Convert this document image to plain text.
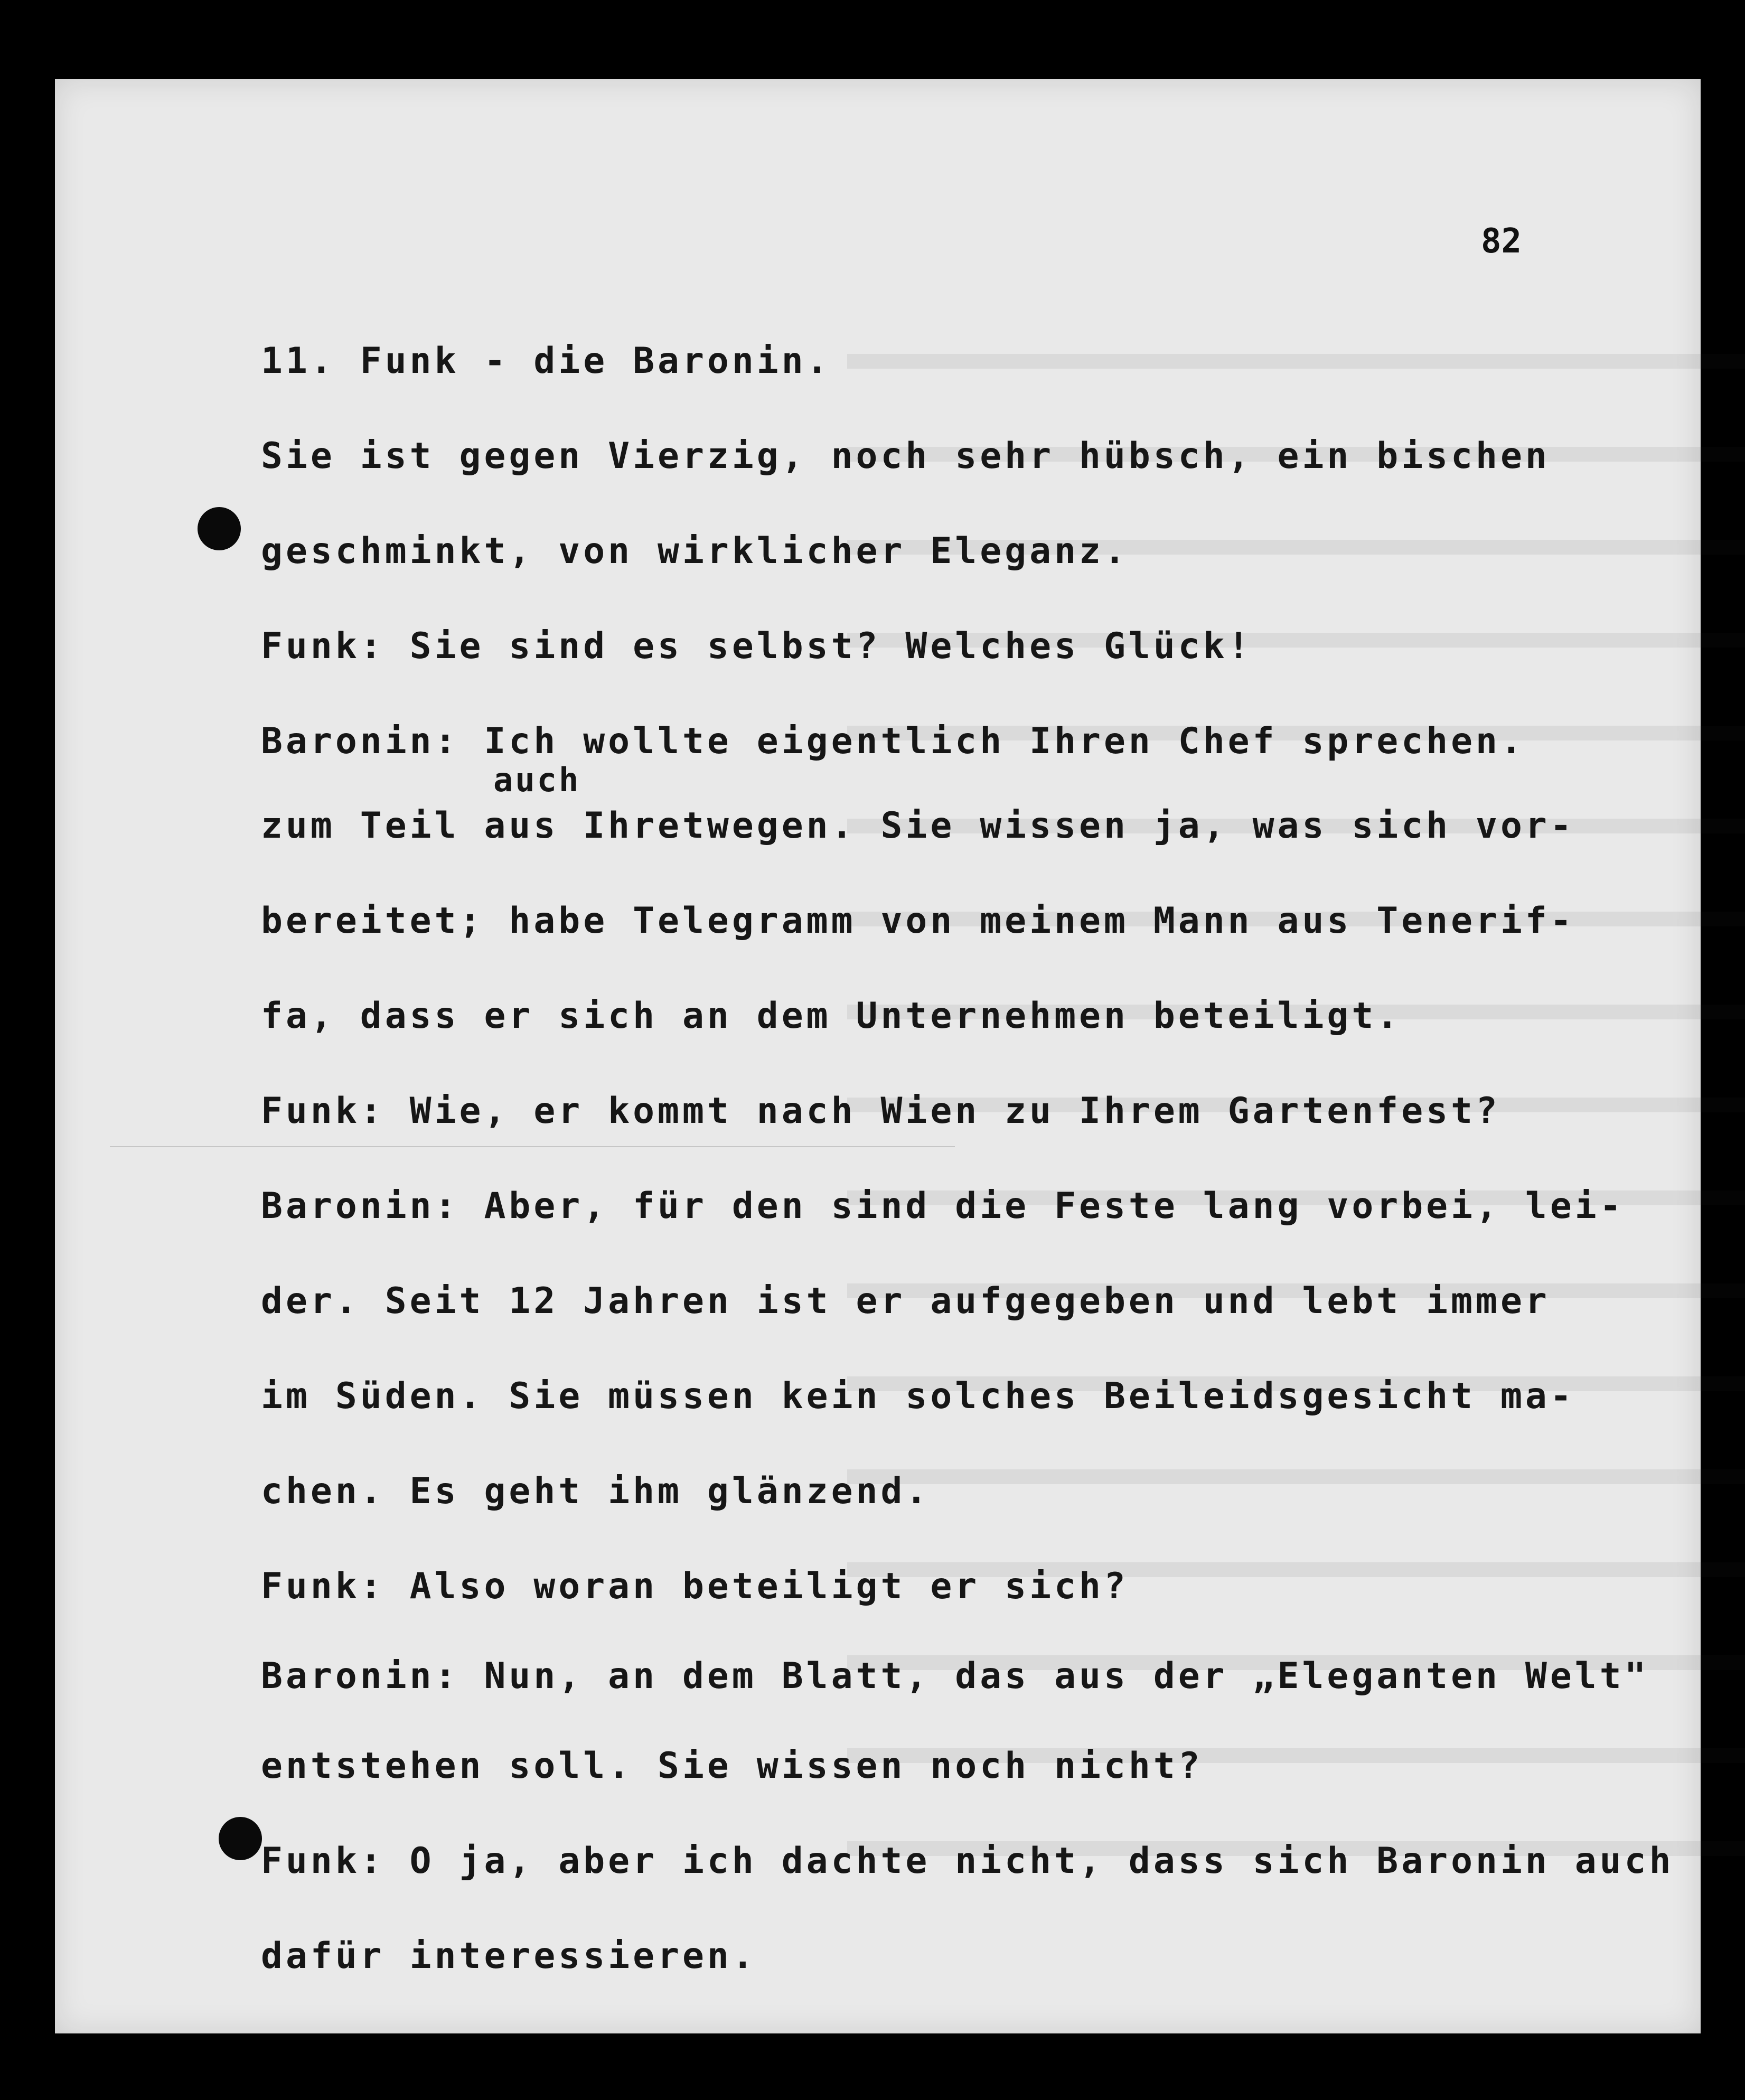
82
auch
11. Funk - die Baronin.
Sie ist gegen Vierzig, noch sehr hübsch, ein bischen
geschminkt, von wirklicher Eleganz.
Funk: Sie sind es selbst? Welches Glück!
Baronin: Ich wollte eigentlich Ihren Chef sprechen.
zum Teil aus Ihretwegen. Sie wissen ja, was sich vor-
bereitet; habe Telegramm von meinem Mann aus Tenerif-
fa, dass er sich an dem Unternehmen beteiligt.
Funk: Wie, er kommt nach Wien zu Ihrem Gartenfest?
Baronin: Aber, für den sind die Feste lang vorbei, lei-
der. Seit 12 Jahren ist er aufgegeben und lebt immer
im Süden. Sie müssen kein solches Beileidsgesicht ma-
chen. Es geht ihm glänzend.
Funk: Also woran beteiligt er sich?
Baronin: Nun, an dem Blatt, das aus der „Eleganten Welt"
entstehen soll. Sie wissen noch nicht?
Funk: O ja, aber ich dachte nicht, dass sich Baronin auch
dafür interessieren.
